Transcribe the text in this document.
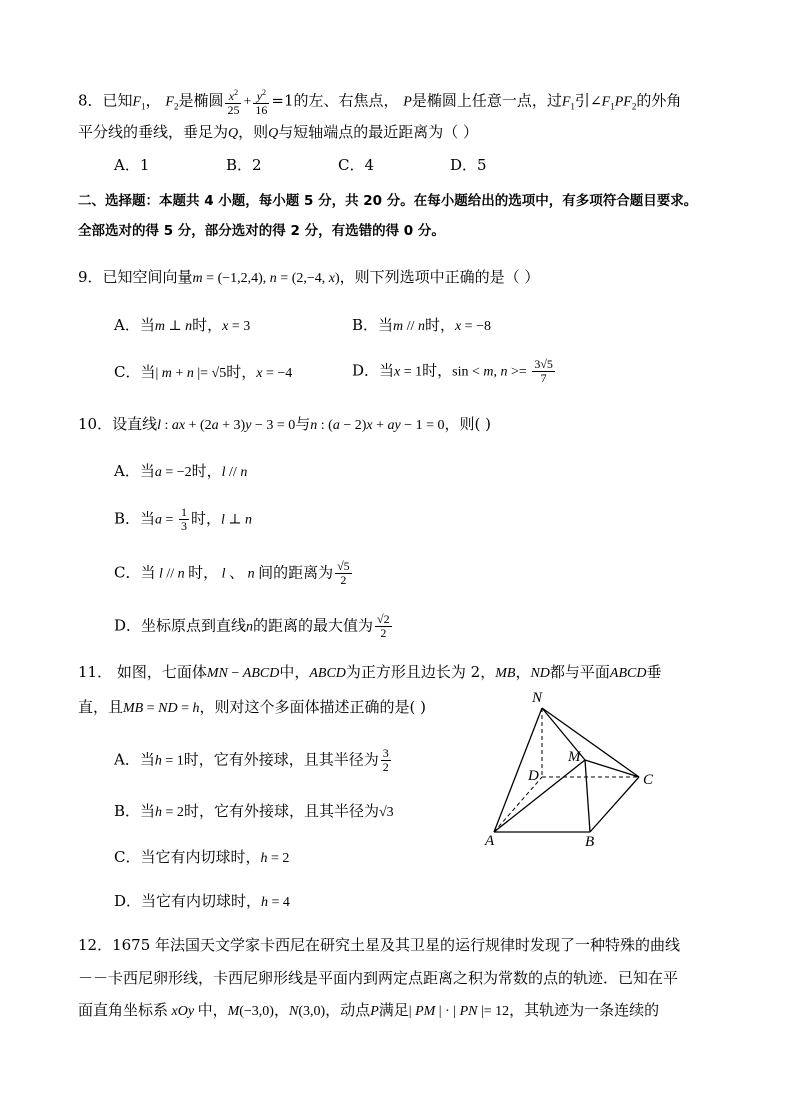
8．已知$F_1$， $F_2$是椭圆 $\frac{x^2}{25} + \frac{y^2}{16} =1$的左、右焦点， P是椭圆上任意一点，过$F_1$引$\angle F_1PF_2$的外角
平分线的垂线，垂足为Q，则Q与短轴端点的最近距离为（ ）
A．1	B．2	C．4	D．5
二、选择题：本题共 4 小题，每小题 5 分，共 20 分。在每小题给出的选项中，有多项符合题目要求。
全部选对的得 5 分，部分选对的得 2 分，有选错的得 0 分。
9．已知空间向量m = (−1,2,4), n = (2,−4, x)，则下列选项中正确的是（ ）
A．当m ⊥ n时，x = 3	B．当m // n时，x = −8
C．当| m + n |= √5时，x = −4	D．当x = 1时，sin < m, $n >= \frac{3√5}{7}$
10．设直线l : ax + (2a + 3)y − 3 = 0与n : (a − 2)x + ay − 1 = 0，则( )
A．当a = −2时，l // n
B．当$a = \frac{1}{3}$ 时，l ⊥ n
C．当 l // n 时， l 、 n 间的距离为 $\frac{√5}{2}$
D．坐标原点到直线n的距离的最大值为 $\frac{√2}{2}$
11． 如图，七面体MN − ABCD中，ABCD为正方形且边长为 2，MB，ND都与平面ABCD垂
直，且MB = ND = h，则对这个多面体描述正确的是( )
A．当h = 1时，它有外接球，且其半径为 $\frac{3}{2}$
B．当h = 2时，它有外接球，且其半径为√3
C．当它有内切球时，h = 2
D．当它有内切球时，h = 4
N
M
D	C
A	B
12．1675 年法国天文学家卡西尼在研究土星及其卫星的运行规律时发现了一种特殊的曲线
－－卡西尼卵形线，卡西尼卵形线是平面内到两定点距离之积为常数的点的轨迹．已知在平
面直角坐标系 xOy 中，M(−3,0)，N(3,0)，动点P满足| PM | · | PN |= 12，其轨迹为一条连续的
